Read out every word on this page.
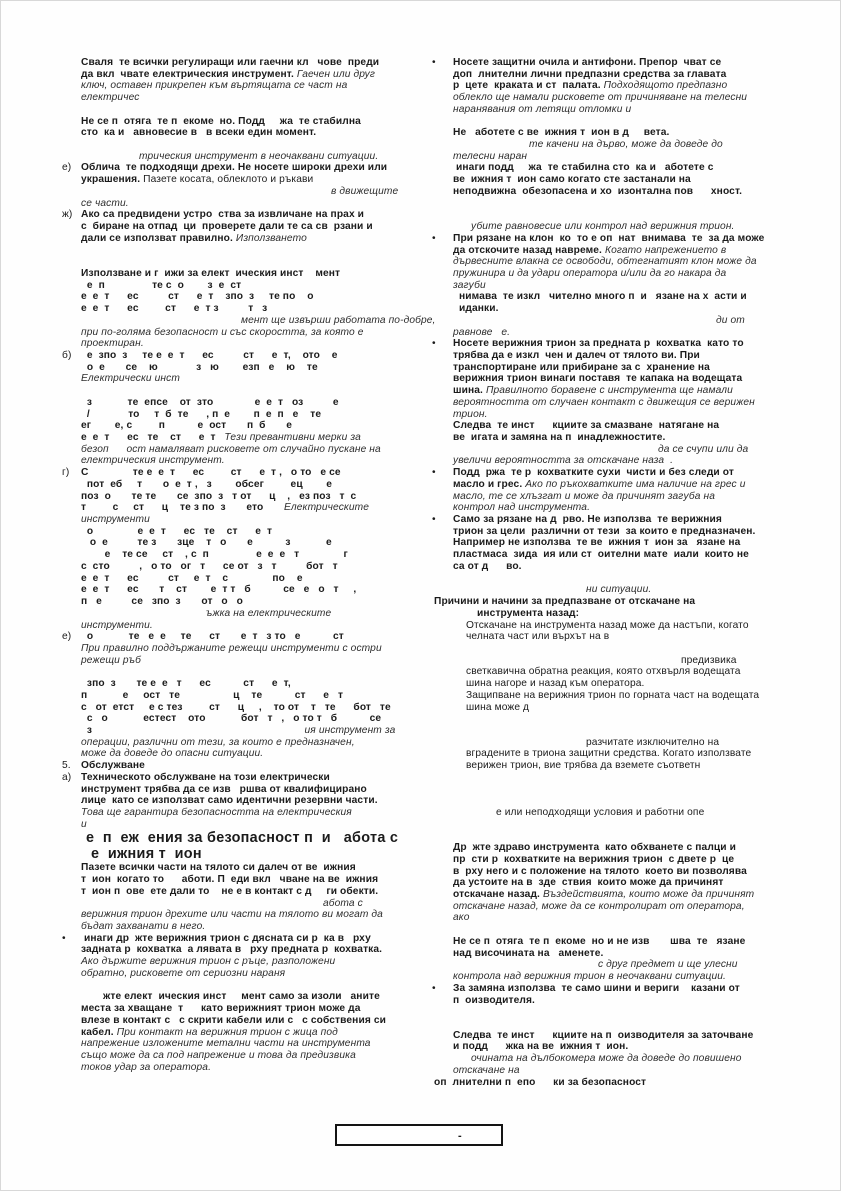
Сваля  те всички регулиращи или гаечни кл   чове  преди
да вкл  чвате електрическия инструмент. Гаечен или друг
ключ, оставен прикрепен към въртящата се част на
електричес

Не се п  отяга  те п  екоме  но. Подд     жа  те стабилна
сто  ка и   авновесие в   в всеки един момент.

трическия инструмент в неочаквани ситуации.
е) Облича  те подходящи дрехи. Не носете широки дрехи или
украшения. Пазете косата, облеклото и ръкави
в движещите
се части.
ж) Ако са предвидени устро  ства за извличане на прах и
с  биране на отпад  ци  проверете дали те са св  рзани и
дали се използват правилно. Използването

Използване и г  ижи за елект  ическия инст    мент
е  п                те с  о        з  е  ст
е  е  т      ес          ст      е  т    зпо  з     те по    о
е  е  т      ес         ст      е  т з          т   з
мент ще извърши работата по-добре,
при по-голяма безопасност и със скоростта, за която е
проектиран.
б) е  зпо  з     те е  е  т      ес          ст      е  т,    ото    е
о  е       се    ю             з   ю        езп   е    ю    те
Електрически инст

з            те  епсе    от  зто              е  е  т   оз          е
/             то     т  б  те      , п  е        п  е  п   е    те
ег        е, с         п           е  ост       п  б       е
е  е  т      ес   те    ст      е  т   Тези превантивни мерки за
безоп      ост намаляват рисковете от случайно пускане на
електрическия инструмент.
г) С               те е  е  т      ес         ст      е  т ,   о то   е се
пот  еб     т       о  е  т ,   з        обсег         ец        е
поз  о       те те       се  зпо  з   т от      ц    ,   ез поз   т  с
т         с     ст      ц    те з по  з       ето       Електрическите
инструменти
о               е  е  т      ес   те    ст      е  т
о  е          те з       зце    т   о       е           з            е
е    те се     ст    , с  п                е  е  е   т               г
с  сто          ,   о то   ог   т      се от   з   т          бот   т
е  е  т      ес          ст     е  т    с               по    е
е  е  т      ес       т    ст        е  т т   б           се   е   о   т     ,
п   е          се   зпо  з       от   о   о
ъжка на електрическите
инструменти.
е) о            те   е  е     те      ст       е  т   з то   е           ст
При правилно поддържаните режещи инструменти с остри
режещи ръб

зпо  з       те е  е   т      ес           ст      е  т,
п            е     ост   те                  ц    те           ст      е   т
с   от  етст     е с тез         ст      ц     ,    то от    т   те      бот   те
с   о            естест    ото            бот   т   ,   о то т   б           се
з                                                                        ия инструмент за
операции, различни от тези, за които е предназначен,
може да доведе до опасни ситуации.
5. Обслужване
а) Техническото обслужване на този електрически
инструмент трябва да се изв   ршва от квалифицирано
лице  като се използват само идентични резервни части.
Това ще гарантира безопасността на електрическия
и
е  п  еж  ения за безопасност п  и   абота с
е  ижния т  ион
Пазете всички части на тялото си далеч от ве  ижния
т  ион  когато то      аботи. П  еди вкл   чване на ве  ижния
т  ион п  ове  ете дали то    не е в контакт с д     ги обекти.
абота с
верижния трион дрехите или части на тялото ви могат да
бъдат захванати в него.
• инаги др  жте верижния трион с дясната си р  ка в   рху
задната р  кохватка  а лявата в   рху предната р  кохватка.
Ако държите верижния трион с ръце, разположени
обратно, рисковете от сериозни нараня

жте елект  ическия инст     мент само за изоли   аните
места за хващане  т      като верижният трион може да
влезе в контакт с   с скрити кабели или с   с собствения си
кабел. При контакт на верижния трион с жица под
напрежение изложените метални части на инструмента
също може да са под напрежение и това да предизвика
токов удар за оператора.
• Носете защитни очила и антифони. Препор  чват се
доп  лнителни лични предпазни средства за главата
р  цете  краката и ст  палата. Подходящото предпазно
облекло ще намали рисковете от причиняване на телесни
наранявания от летящи отломки и

Не   аботете с ве  ижния т  ион в д     вета.
те качени на дърво, може да доведе до
телесни наран
инаги подд     жа  те стабилна сто  ка и   аботете с
ве  ижния т  ион само когато сте застанали на
неподвижна  обезопасена и хо  изонтална пов      хност.

убите равновесие или контрол над верижния трион.
• При рязане на клон  ко  то е оп  нат  внимава  те  за да може
да отскочите назад навреме. Когато напрежението в
дървесните влакна се освободи, обтегнатият клон може да
пружинира и да удари оператора и/или да го накара да
загуби
нимава  те изкл   чително много п  и   язане на х  асти и
иданки.
ди от
равнове   е.
• Носете верижния трион за предната р  кохватка  като то
трябва да е изкл  чен и далеч от тялото ви. При
транспортиране или прибиране за с  хранение на
верижния трион винаги поставя  те капака на водещата
шина. Правилното боравене с инструмента ще намали
вероятността от случаен контакт с движещия се верижен
трион.
Следва  те инст      кциите за смазване  натягане на
ве  игата и замяна на п  инадлежностите.
да се счупи или да
увеличи вероятността за отскачане наза  .
• Подд  ржа  те р  кохватките сухи  чисти и без следи от
масло и грес. Ако по ръкохватките има наличие на грес и
масло, те се хлъзгат и може да причинят загуба на
контрол над инструмента.
• Само за рязане на д  рво. Не използва  те верижния
трион за цели  различни от тези  за които е предназначен.
Например не използва  те ве  ижния т  ион за   язане на
пластмаса  зида  ия или ст  оителни мате  иали  които не
са от д      во.

ни ситуации.
Причини и начини за предпазване от отскачане на
инструмента назад:
Отскачане на инструмента назад може да настъпи, когато
челната част или върхът на в

предизвика
светкавична обратна реакция, която отхвърля водещата
шина нагоре и назад към оператора.
Защипване на верижния трион по горната част на водещата
шина може д

разчитате изключително на
вградените в триона защитни средства. Когато използвате
верижен трион, вие трябва да вземете съответн

е или неподходящи условия и работни опе

Др  жте здраво инструмента  като обхванете с палци и
пр  сти р  кохватките на верижния трион  с двете р  це
в  рху него и с положение на тялото  което ви позволява
да устоите на в  зде  ствия  които може да причинят
отскачане назад. Въздействията, които може да причинят
отскачане назад, може да се контролират от оператора,
ако

Не се п  отяга  те п  екоме  но и не изв       шва  те   язане
над височината на   аменете.
с друг предмет и ще улесни
контрола над верижния трион в неочаквани ситуации.
• За замяна използва  те само шини и вериги    казани от
п  оизводителя.

Следва  те инст      кциите на п  оизводителя за заточване
и подд      жка на ве  ижния т  ион.
очината на дълбокомера може да доведе до повишено
отскачане на
оп  лнителни п  епо      ки за безопасност
-
